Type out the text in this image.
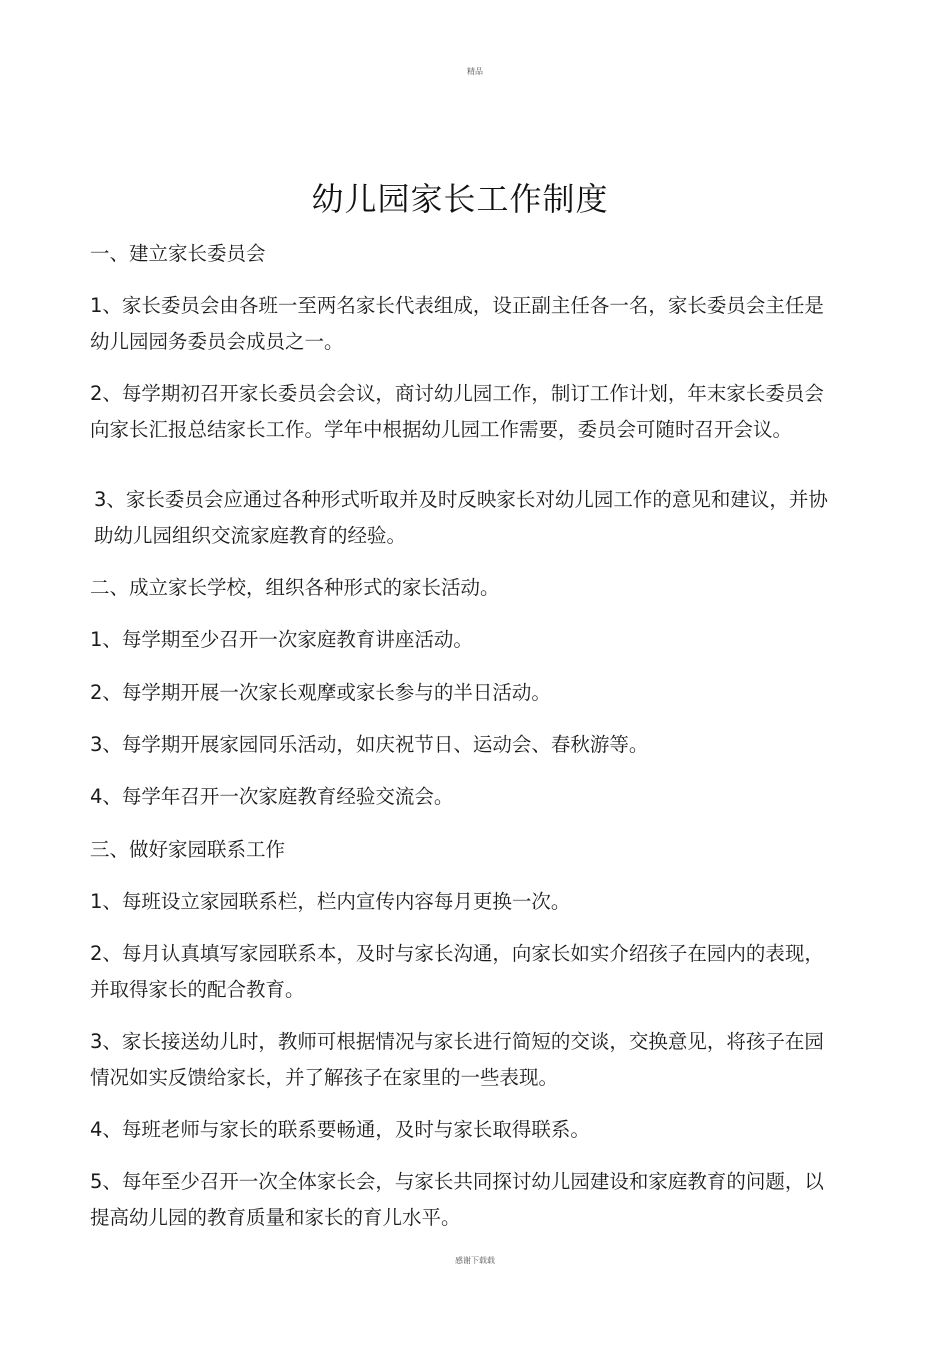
精品
幼儿园家长工作制度
一、建立家长委员会
1、家长委员会由各班一至两名家长代表组成，设正副主任各一名，家长委员会主任是幼儿园园务委员会成员之一。
2、每学期初召开家长委员会会议，商讨幼儿园工作，制订工作计划，年末家长委员会向家长汇报总结家长工作。学年中根据幼儿园工作需要，委员会可随时召开会议。
3、家长委员会应通过各种形式听取并及时反映家长对幼儿园工作的意见和建议，并协助幼儿园组织交流家庭教育的经验。
二、成立家长学校，组织各种形式的家长活动。
1、每学期至少召开一次家庭教育讲座活动。
2、每学期开展一次家长观摩或家长参与的半日活动。
3、每学期开展家园同乐活动，如庆祝节日、运动会、春秋游等。
4、每学年召开一次家庭教育经验交流会。
三、做好家园联系工作
1、每班设立家园联系栏，栏内宣传内容每月更换一次。
2、每月认真填写家园联系本，及时与家长沟通，向家长如实介绍孩子在园内的表现，并取得家长的配合教育。
3、家长接送幼儿时，教师可根据情况与家长进行简短的交谈，交换意见，将孩子在园情况如实反馈给家长，并了解孩子在家里的一些表现。
4、每班老师与家长的联系要畅通，及时与家长取得联系。
5、每年至少召开一次全体家长会，与家长共同探讨幼儿园建设和家庭教育的问题，以提高幼儿园的教育质量和家长的育儿水平。
感谢下载载
